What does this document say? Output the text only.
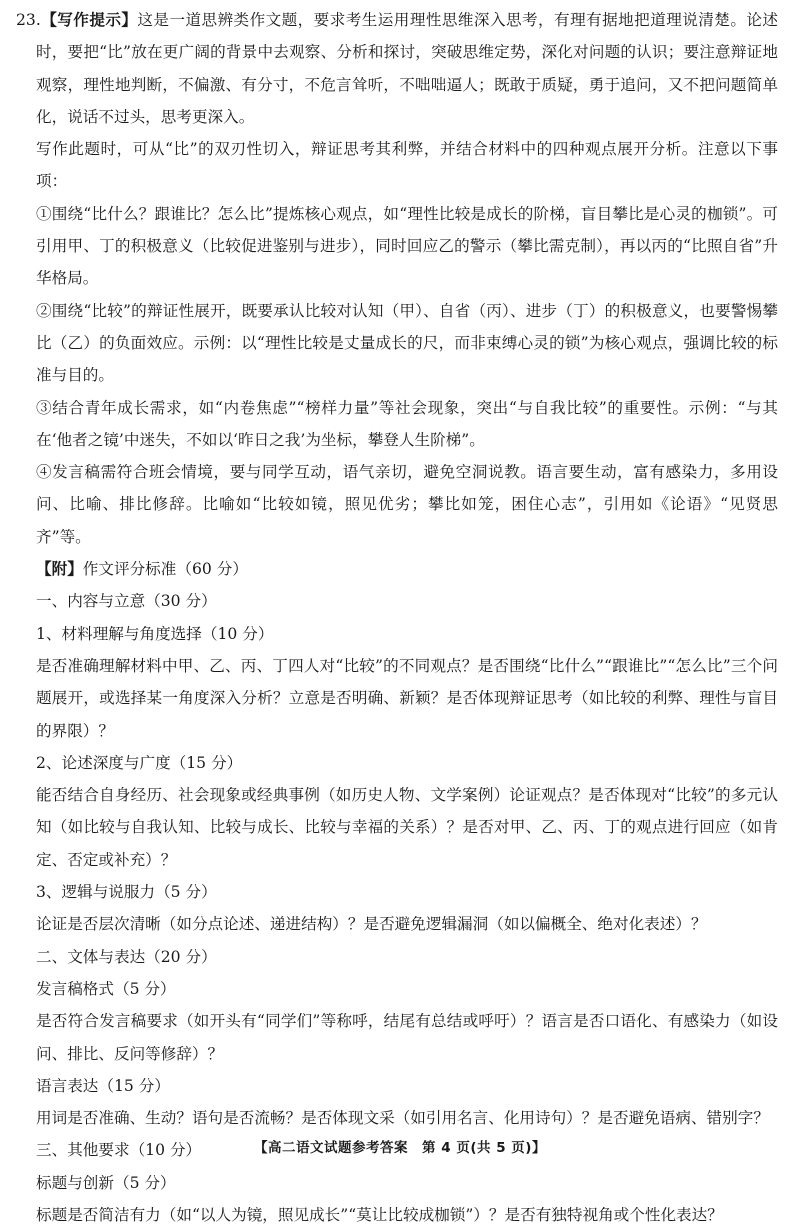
23.【写作提示】这是一道思辨类作文题，要求考生运用理性思维深入思考，有理有据地把道理说清楚。论述时，要把“比”放在更广阔的背景中去观察、分析和探讨，突破思维定势，深化对问题的认识；要注意辩证地观察，理性地判断，不偏激、有分寸，不危言耸听，不咄咄逼人；既敢于质疑，勇于追问，又不把问题简单化，说话不过头，思考更深入。

写作此题时，可从“比”的双刃性切入，辩证思考其利弊，并结合材料中的四种观点展开分析。注意以下事项：

①围绕“比什么？跟谁比？怎么比”提炼核心观点，如“理性比较是成长的阶梯，盲目攀比是心灵的枷锁”。可引用甲、丁的积极意义（比较促进鉴别与进步），同时回应乙的警示（攀比需克制），再以丙的“比照自省”升华格局。

②围绕“比较”的辩证性展开，既要承认比较对认知（甲）、自省（丙）、进步（丁）的积极意义，也要警惕攀比（乙）的负面效应。示例：以“理性比较是丈量成长的尺，而非束缚心灵的锁”为核心观点，强调比较的标准与目的。

③结合青年成长需求，如“内卷焦虑”“榜样力量”等社会现象，突出“与自我比较”的重要性。示例：“与其在‘他者之镜’中迷失，不如以‘昨日之我’为坐标，攀登人生阶梯”。

④发言稿需符合班会情境，要与同学互动，语气亲切，避免空洞说教。语言要生动，富有感染力，多用设问、比喻、排比修辞。比喻如“比较如镜，照见优劣；攀比如笼，困住心志”，引用如《论语》“见贤思齐”等。

【附】作文评分标准（60 分）

一、内容与立意（30 分）

1、材料理解与角度选择（10 分）

是否准确理解材料中甲、乙、丙、丁四人对“比较”的不同观点？是否围绕“比什么”“跟谁比”“怎么比”三个问题展开，或选择某一角度深入分析？立意是否明确、新颖？是否体现辩证思考（如比较的利弊、理性与盲目的界限）？

2、论述深度与广度（15 分）

能否结合自身经历、社会现象或经典事例（如历史人物、文学案例）论证观点？是否体现对“比较”的多元认知（如比较与自我认知、比较与成长、比较与幸福的关系）？是否对甲、乙、丙、丁的观点进行回应（如肯定、否定或补充）？

3、逻辑与说服力（5 分）

论证是否层次清晰（如分点论述、递进结构）？是否避免逻辑漏洞（如以偏概全、绝对化表述）？

二、文体与表达（20 分）

发言稿格式（5 分）

是否符合发言稿要求（如开头有“同学们”等称呼，结尾有总结或呼吁）？语言是否口语化、有感染力（如设问、排比、反问等修辞）？

语言表达（15 分）

用词是否准确、生动？语句是否流畅？是否体现文采（如引用名言、化用诗句）？是否避免语病、错别字？

三、其他要求（10 分）

标题与创新（5 分）

标题是否简洁有力（如“以人为镜，照见成长”“莫让比较成枷锁”）？是否有独特视角或个性化表达？

【高二语文试题参考答案　第 4 页(共 5 页)】
